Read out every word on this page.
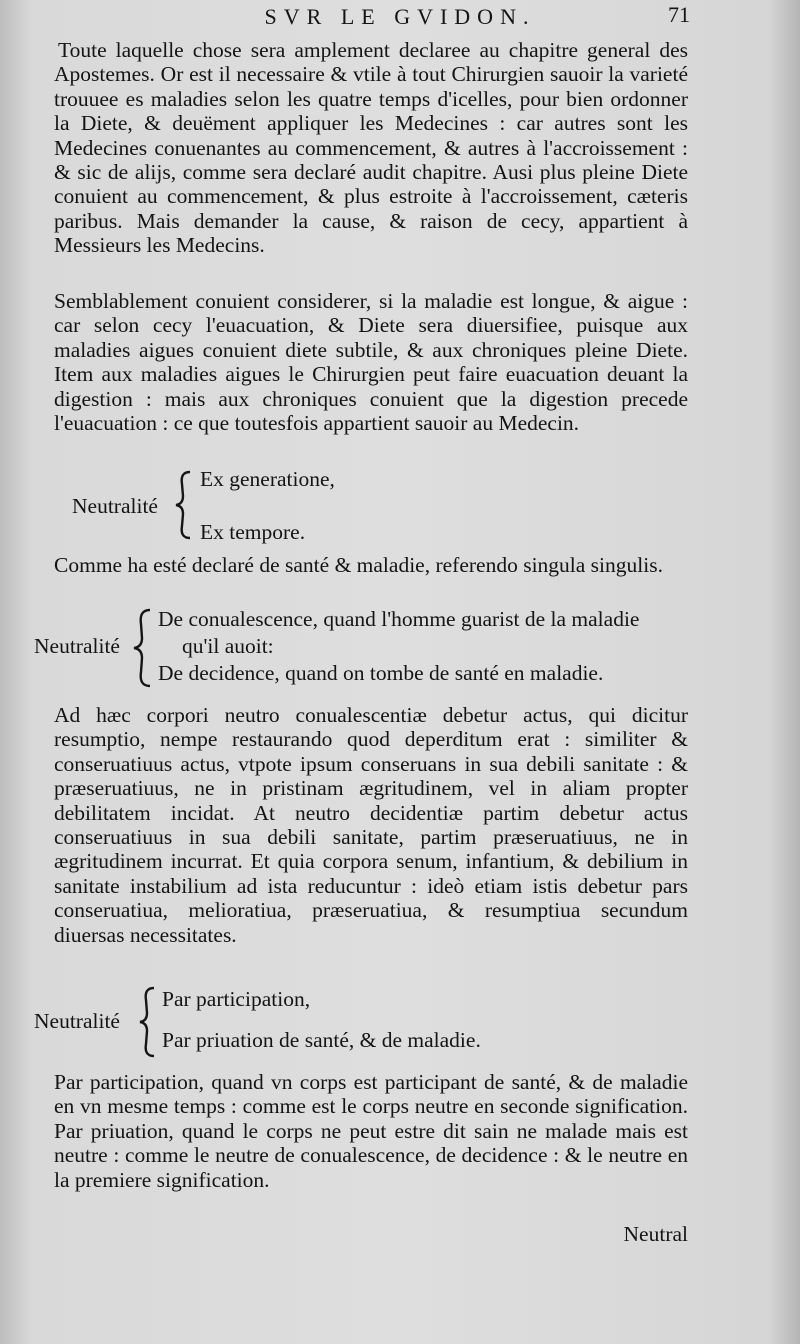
SVR LE GVIDON.	71

Toute laquelle chose sera amplement declaree au chapitre general des Apostemes. Or est il necessaire & vtile à tout Chirurgien sauoir la varieté trouuee es maladies selon les quatre temps d'icelles, pour bien ordonner la Diete, & deuëment appliquer les Medecines : car autres sont les Medecines conuenantes au commencement, & autres à l'accroissement : & sic de alijs, comme sera declaré audit chapitre. Ausi plus pleine Diete conuient au commencement, & plus estroite à l'accroissement, cæteris paribus. Mais demander la cause, & raison de cecy, appartient à Messieurs les Medecins.

Semblablement conuient considerer, si la maladie est longue, & aigue : car selon cecy l'euacuation, & Diete sera diuersifiee, puisque aux maladies aigues conuient diete subtile, & aux chroniques pleine Diete. Item aux maladies aigues le Chirurgien peut faire euacuation deuant la digestion : mais aux chroniques conuient que la digestion precede l'euacuation : ce que toutesfois appartient sauoir au Medecin.

Neutralité
Ex generatione,
Ex tempore.

Comme ha esté declaré de santé & maladie, referendo singula singulis.

Neutralité
De conualescence, quand l'homme guarist de la maladie
qu'il auoit:
De decidence, quand on tombe de santé en maladie.

Ad hæc corpori neutro conualescentiæ debetur actus, qui dicitur resumptio, nempe restaurando quod deperditum erat : similiter & conseruatiuus actus, vtpote ipsum conseruans in sua debili sanitate : & præseruatiuus, ne in pristinam ægritudinem, vel in aliam propter debilitatem incidat. At neutro decidentiæ partim debetur actus conseruatiuus in sua debili sanitate, partim præseruatiuus, ne in ægritudinem incurrat. Et quia corpora senum, infantium, & debilium in sanitate instabilium ad ista reducuntur : ideò etiam istis debetur pars conseruatiua, melioratiua, præseruatiua, & resumptiua secundum diuersas necessitates.

Neutralité
Par participation,
Par priuation de santé, & de maladie.

Par participation, quand vn corps est participant de santé, & de maladie en vn mesme temps : comme est le corps neutre en seconde signification. Par priuation, quand le corps ne peut estre dit sain ne malade mais est neutre : comme le neutre de conualescence, de decidence : & le neutre en la premiere signification.

Neutral
